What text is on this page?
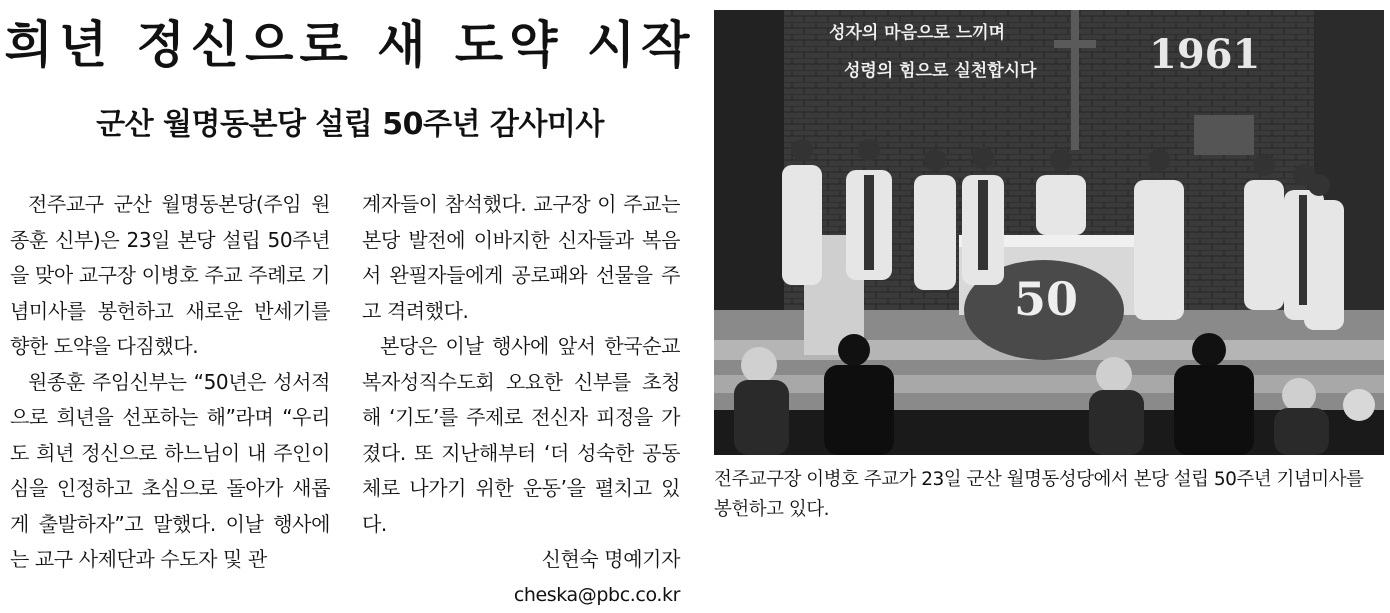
희년 정신으로 새 도약 시작
군산 월명동본당 설립 50주년 감사미사

전주교구 군산 월명동본당(주임 원종훈 신부)은 23일 본당 설립 50주년을 맞아 교구장 이병호 주교 주례로 기념미사를 봉헌하고 새로운 반세기를 향한 도약을 다짐했다.

원종훈 주임신부는 “50년은 성서적으로 희년을 선포하는 해”라며 “우리도 희년 정신으로 하느님이 내 주인이심을 인정하고 초심으로 돌아가 새롭게 출발하자”고 말했다. 이날 행사에는 교구 사제단과 수도자 및 관

계자들이 참석했다. 교구장 이 주교는 본당 발전에 이바지한 신자들과 복음서 완필자들에게 공로패와 선물을 주고 격려했다.

본당은 이날 행사에 앞서 한국순교복자성직수도회 오요한 신부를 초청해 ‘기도’를 주제로 전신자 피정을 가졌다. 또 지난해부터 ‘더 성숙한 공동체로 나가기 위한 운동’을 펼치고 있다.

신현숙 명예기자
cheska@pbc.co.kr
성자의 마음으로 느끼며
성령의 힘으로 실천합시다	1961
50
전주교구장 이병호 주교가 23일 군산 월명동성당에서 본당 설립 50주년 기념미사를 봉헌하고 있다.
